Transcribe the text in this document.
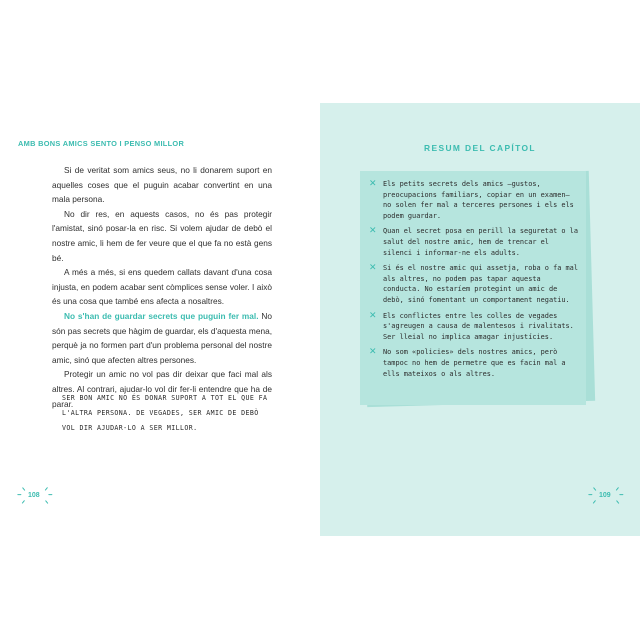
AMB BONS AMICS SENTO I PENSO MILLOR

Si de veritat som amics seus, no li donarem suport en aquelles coses que el puguin acabar convertint en una mala persona.

No dir res, en aquests casos, no és pas protegir l'amistat, sinó posar-la en risc. Si volem ajudar de debò el nostre amic, li hem de fer veure que el que fa no està gens bé.

A més a més, si ens quedem callats davant d'una cosa injusta, en podem acabar sent còmplices sense voler. I això és una cosa que també ens afecta a nosaltres.

No s'han de guardar secrets que puguin fer mal. No són pas secrets que hàgim de guardar, els d'aquesta mena, perquè ja no formen part d'un problema personal del nostre amic, sinó que afecten altres persones.

Protegir un amic no vol pas dir deixar que faci mal als altres. Al contrari, ajudar-lo vol dir fer-li entendre que ha de parar.

SER BON AMIC NO ÉS DONAR SUPORT A TOT EL QUE FA L'ALTRA PERSONA. DE VEGADES, SER AMIC DE DEBÒ VOL DIR AJUDAR-LO A SER MILLOR.
108
RESUM DEL CAPÍTOL
✕ Els petits secrets dels amics —gustos, preocupacions familiars, copiar en un examen— no solen fer mal a terceres persones i els els podem guardar.
✕ Quan el secret posa en perill la seguretat o la salut del nostre amic, hem de trencar el silenci i informar-ne els adults.
✕ Si és el nostre amic qui assetja, roba o fa mal als altres, no podem pas tapar aquesta conducta. No estaríem protegint un amic de debò, sinó fomentant un comportament negatiu.
✕ Els conflictes entre les colles de vegades s'agreugen a causa de malentesos i rivalitats. Ser lleial no implica amagar injustícies.
✕ No som «policies» dels nostres amics, però tampoc no hem de permetre que es facin mal a ells mateixos o als altres.
109
